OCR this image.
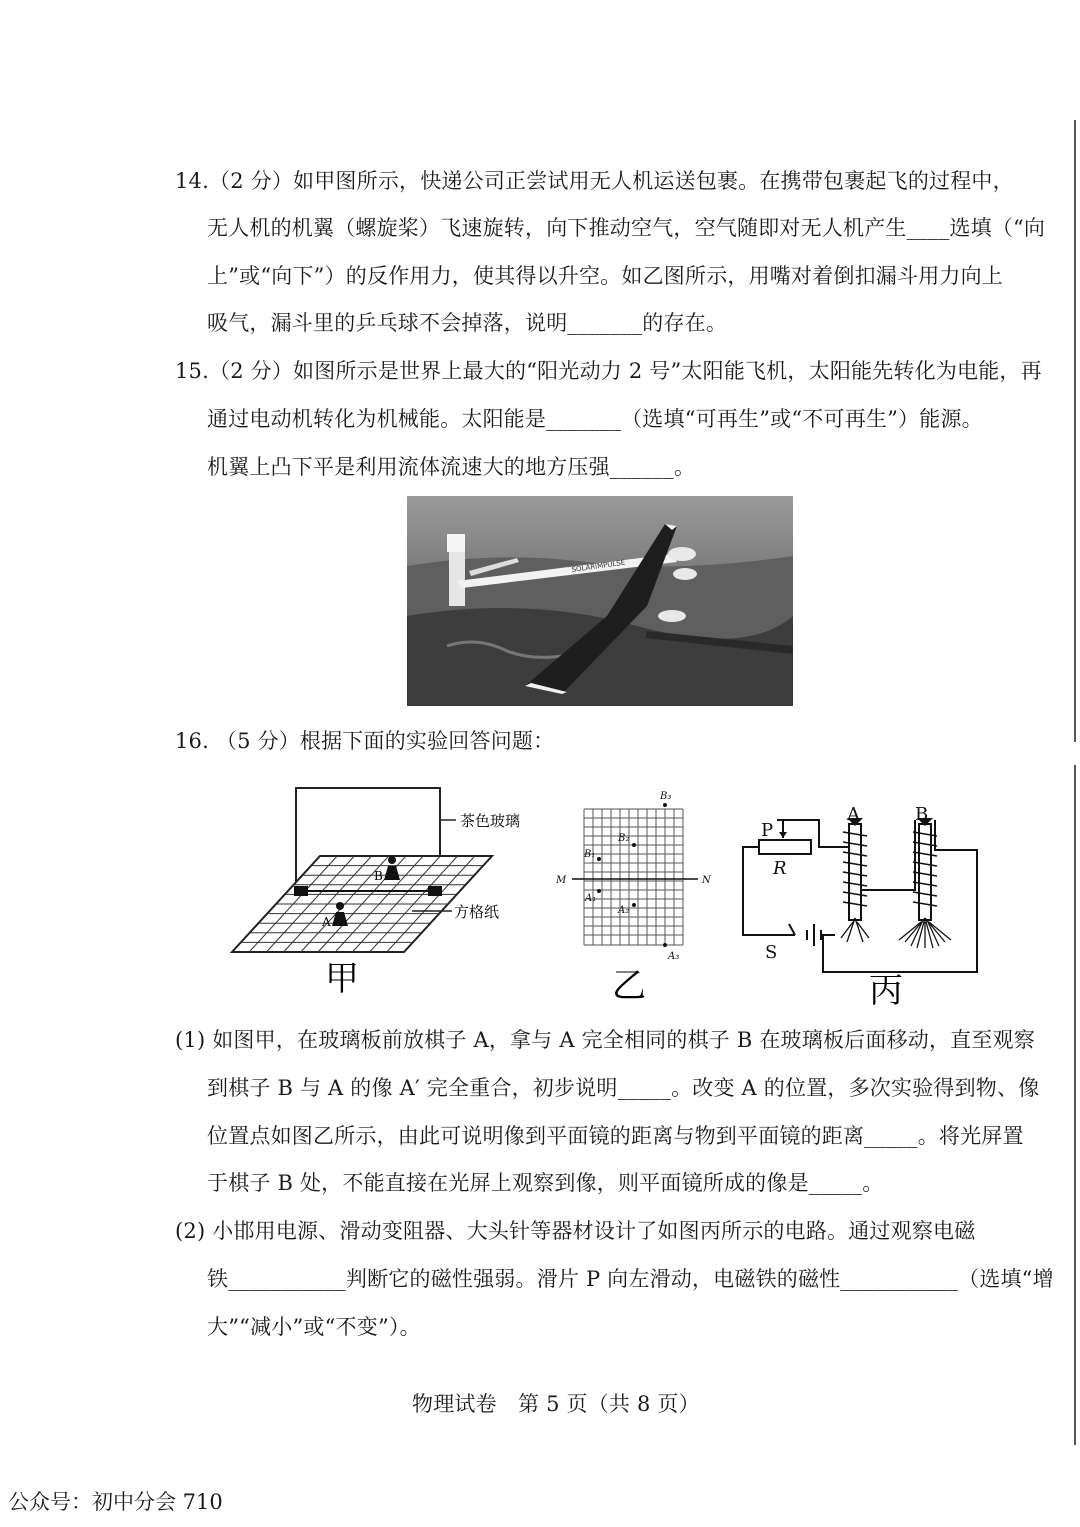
14.（2 分）如甲图所示，快递公司正尝试用无人机运送包裹。在携带包裹起飞的过程中，
无人机的机翼（螺旋桨）飞速旋转，向下推动空气，空气随即对无人机产生____选填（“向
上”或“向下”）的反作用力，使其得以升空。如乙图所示，用嘴对着倒扣漏斗用力向上
吸气，漏斗里的乒乓球不会掉落，说明_______的存在。
15.（2 分）如图所示是世界上最大的“阳光动力 2 号”太阳能飞机，太阳能先转化为电能，再
通过电动机转化为机械能。太阳能是_______（选填“可再生”或“不可再生”）能源。
机翼上凸下平是利用流体流速大的地方压强______。
SOLARIMPULSE
16. （5 分）根据下面的实验回答问题：
B
A
茶色玻璃
方格纸
甲
M	N
B₃
B₂
B₁
A₁
A₂
A₃
乙
P
R
A	B
S
丙
(1) 如图甲，在玻璃板前放棋子 A，拿与 A 完全相同的棋子 B 在玻璃板后面移动，直至观察
到棋子 B 与 A 的像 A′ 完全重合，初步说明_____。改变 A 的位置，多次实验得到物、像
位置点如图乙所示，由此可说明像到平面镜的距离与物到平面镜的距离_____。将光屏置
于棋子 B 处，不能直接在光屏上观察到像，则平面镜所成的像是_____。
(2) 小邯用电源、滑动变阻器、大头针等器材设计了如图丙所示的电路。通过观察电磁
铁___________判断它的磁性强弱。滑片 P 向左滑动，电磁铁的磁性___________（选填“增
大”“减小”或“不变”）。
物理试卷　第 5 页（共 8 页）
公众号：初中分会 710
